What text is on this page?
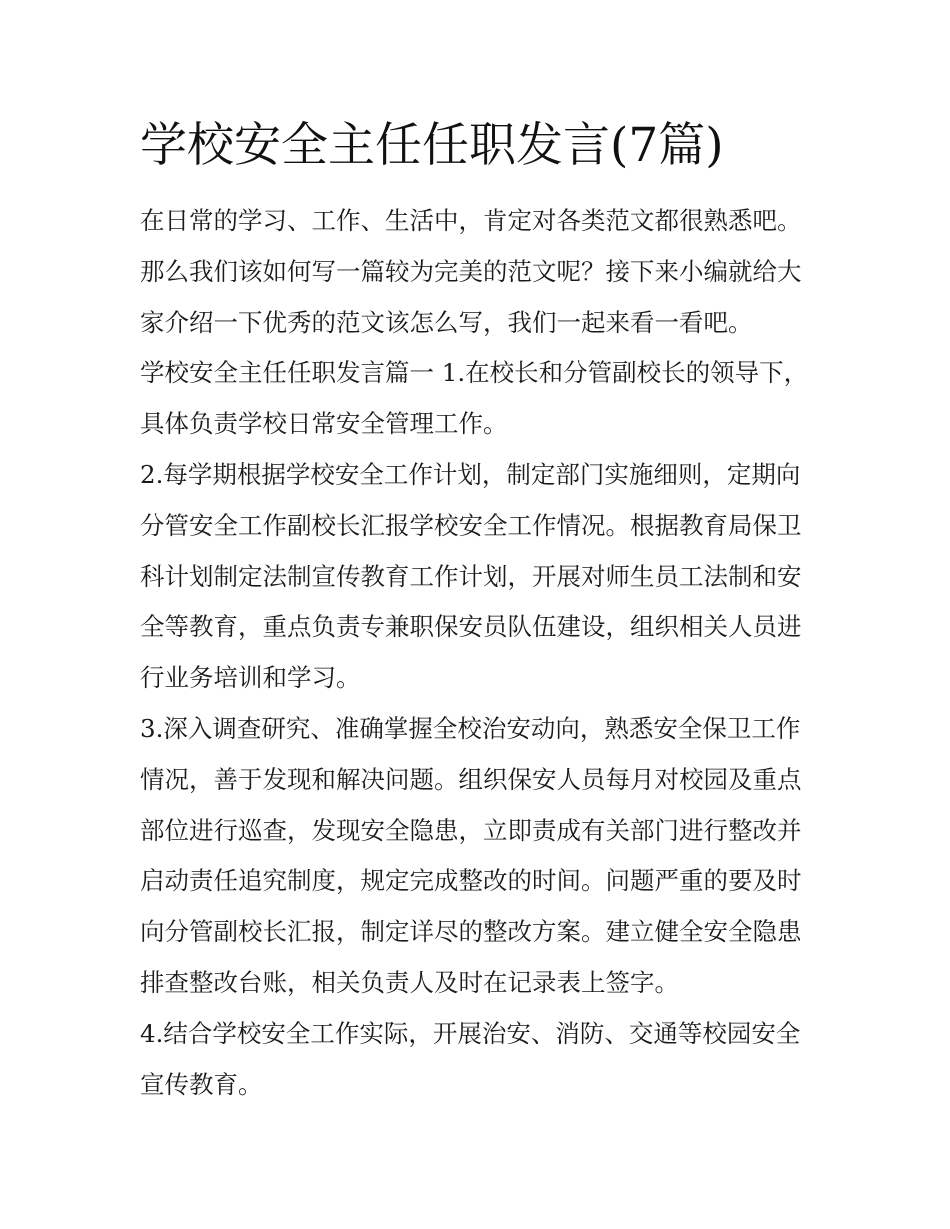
学校安全主任任职发言(7篇)
在日常的学习、工作、生活中，肯定对各类范文都很熟悉吧。
那么我们该如何写一篇较为完美的范文呢？接下来小编就给大
家介绍一下优秀的范文该怎么写，我们一起来看一看吧。
学校安全主任任职发言篇一 1.在校长和分管副校长的领导下，
具体负责学校日常安全管理工作。
2.每学期根据学校安全工作计划，制定部门实施细则，定期向
分管安全工作副校长汇报学校安全工作情况。根据教育局保卫
科计划制定法制宣传教育工作计划，开展对师生员工法制和安
全等教育，重点负责专兼职保安员队伍建设，组织相关人员进
行业务培训和学习。
3.深入调查研究、准确掌握全校治安动向，熟悉安全保卫工作
情况，善于发现和解决问题。组织保安人员每月对校园及重点
部位进行巡查，发现安全隐患，立即责成有关部门进行整改并
启动责任追究制度，规定完成整改的时间。问题严重的要及时
向分管副校长汇报，制定详尽的整改方案。建立健全安全隐患
排查整改台账，相关负责人及时在记录表上签字。
4.结合学校安全工作实际，开展治安、消防、交通等校园安全
宣传教育。
